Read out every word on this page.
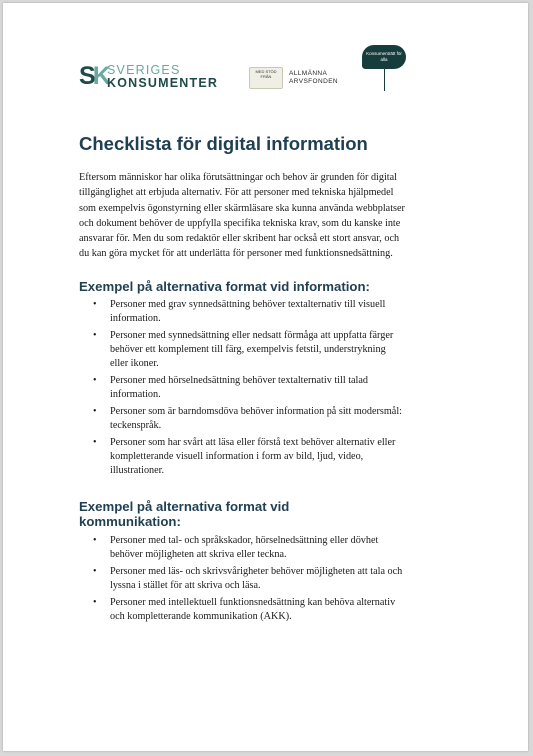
SK SVERIGES
KONSUMENTER
MED STÖD FRÅN	ALLMÄNNA
ARVSFONDEN
Konsumenträtt för alla
Checklista för digital information

Eftersom människor har olika förutsättningar och behov är grunden för digital
tillgänglighet att erbjuda alternativ. För att personer med tekniska hjälpmedel
som exempelvis ögonstyrning eller skärmläsare ska kunna använda webbplatser
och dokument behöver de uppfylla specifika tekniska krav, som du kanske inte
ansvarar för. Men du som redaktör eller skribent har också ett stort ansvar, och
du kan göra mycket för att underlätta för personer med funktionsnedsättning.

Exempel på alternativa format vid information:
• Personer med grav synnedsättning behöver textalternativ till visuell
information.
• Personer med synnedsättning eller nedsatt förmåga att uppfatta färger
behöver ett komplement till färg, exempelvis fetstil, understrykning
eller ikoner.
• Personer med hörselnedsättning behöver textalternativ till talad
information.
• Personer som är barndomsdöva behöver information på sitt modersmål:
teckenspråk.
• Personer som har svårt att läsa eller förstå text behöver alternativ eller
kompletterande visuell information i form av bild, ljud, video,
illustrationer.
Exempel på alternativa format vid
kommunikation:
• Personer med tal- och språkskador, hörselnedsättning eller dövhet
behöver möjligheten att skriva eller teckna.
• Personer med läs- och skrivsvårigheter behöver möjligheten att tala och
lyssna i stället för att skriva och läsa.
• Personer med intellektuell funktionsnedsättning kan behöva alternativ
och kompletterande kommunikation (AKK).
